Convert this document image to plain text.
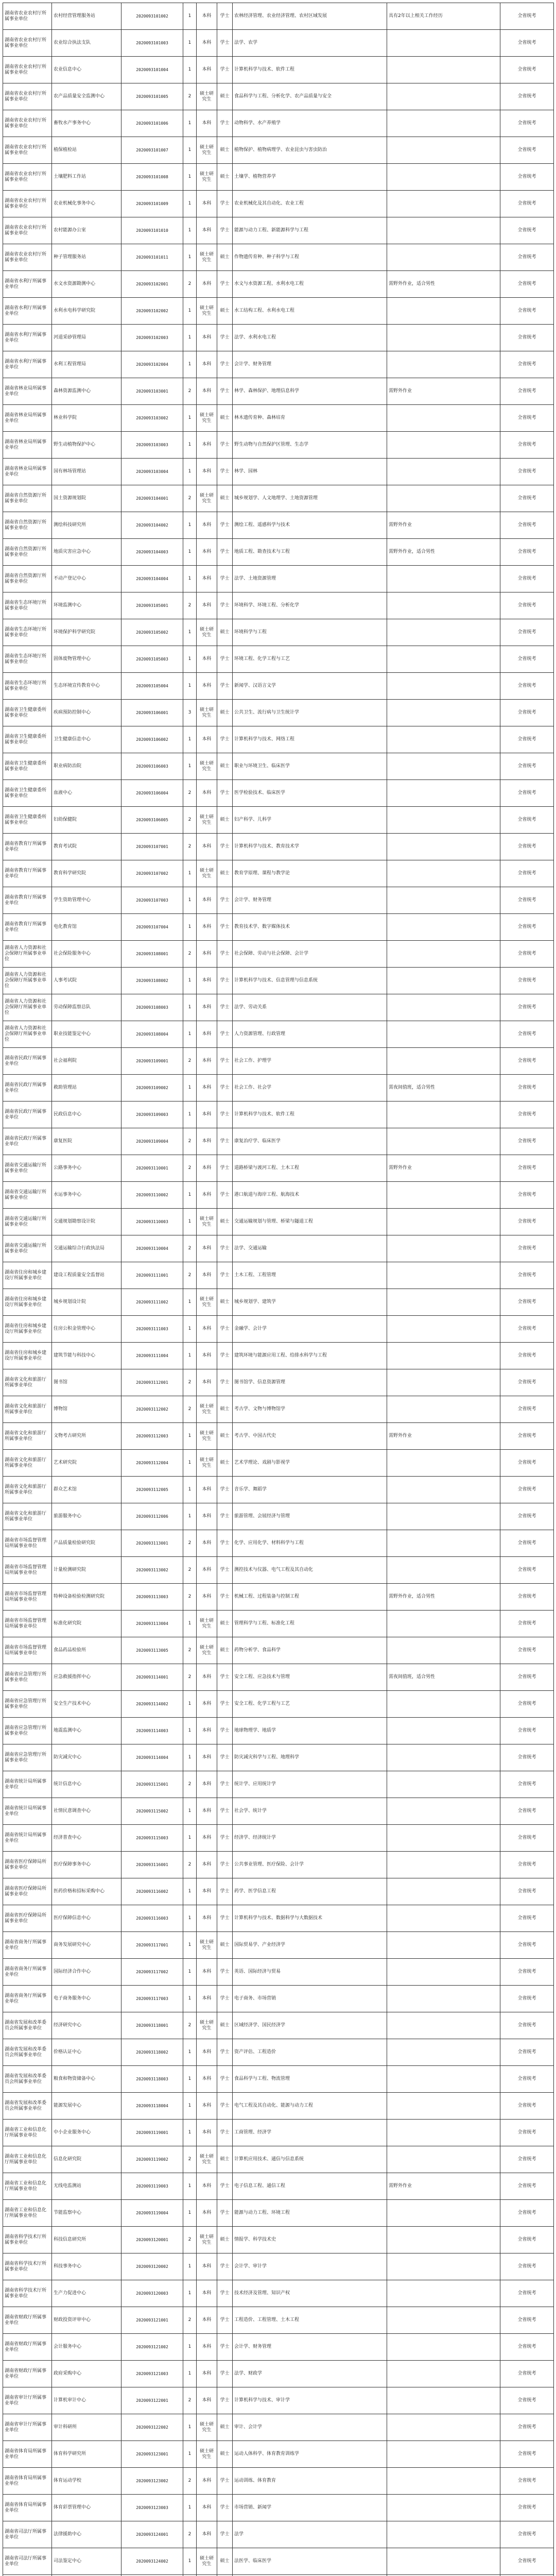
湖南省农业农村厅所属事业单位	农村经营管理服务站	2020093101002	1	本科	学士	农林经济管理、农业经济管理、农村区域发展	具有2年以上相关工作经历	全省统考
湖南省农业农村厅所属事业单位	农业综合执法支队	2020093101003	1	本科	学士	法学、农学		全省统考
湖南省农业农村厅所属事业单位	农业信息中心	2020093101004	1	本科	学士	计算机科学与技术、软件工程		全省统考
湖南省农业农村厅所属事业单位	农产品质量安全监测中心	2020093101005	2	硕士研究生	硕士	食品科学与工程、分析化学、农产品质量与安全		全省统考
湖南省农业农村厅所属事业单位	畜牧水产事务中心	2020093101006	1	本科	学士	动物科学、水产养殖学		全省统考
湖南省农业农村厅所属事业单位	植保植检站	2020093101007	1	硕士研究生	硕士	植物保护、植物病理学、农业昆虫与害虫防治		全省统考
湖南省农业农村厅所属事业单位	土壤肥料工作站	2020093101008	1	硕士研究生	硕士	土壤学、植物营养学		全省统考
湖南省农业农村厅所属事业单位	农业机械化事务中心	2020093101009	1	本科	学士	农业机械化及其自动化、农业工程		全省统考
湖南省农业农村厅所属事业单位	农村能源办公室	2020093101010	1	本科	学士	能源与动力工程、新能源科学与工程		全省统考
湖南省农业农村厅所属事业单位	种子管理服务站	2020093101011	1	硕士研究生	硕士	作物遗传育种、种子科学与工程		全省统考
湖南省水利厅所属事业单位	水文水资源勘测中心	2020093102001	2	本科	学士	水文与水资源工程、水利水电工程	需野外作业，适合男性	全省统考
湖南省水利厅所属事业单位	水利水电科学研究院	2020093102002	1	硕士研究生	硕士	水工结构工程、水利水电工程		全省统考
湖南省水利厅所属事业单位	河道采砂管理局	2020093102003	1	本科	学士	法学、水利水电工程		全省统考
湖南省水利厅所属事业单位	水利工程管理局	2020093102004	1	本科	学士	会计学、财务管理		全省统考
湖南省林业局所属事业单位	森林资源监测中心	2020093103001	2	本科	学士	林学、森林保护、地理信息科学	需野外作业	全省统考
湖南省林业局所属事业单位	林业科学院	2020093103002	1	硕士研究生	硕士	林木遗传育种、森林培育		全省统考
湖南省林业局所属事业单位	野生动植物保护中心	2020093103003	1	本科	学士	野生动物与自然保护区管理、生态学		全省统考
湖南省林业局所属事业单位	国有林场管理站	2020093103004	1	本科	学士	林学、园林		全省统考
湖南省自然资源厅所属事业单位	国土资源规划院	2020093104001	2	硕士研究生	硕士	城乡规划学、人文地理学、土地资源管理		全省统考
湖南省自然资源厅所属事业单位	测绘科技研究所	2020093104002	1	本科	学士	测绘工程、遥感科学与技术	需野外作业	全省统考
湖南省自然资源厅所属事业单位	地质灾害应急中心	2020093104003	1	本科	学士	地质工程、勘查技术与工程	需野外作业，适合男性	全省统考
湖南省自然资源厅所属事业单位	不动产登记中心	2020093104004	1	本科	学士	法学、土地资源管理		全省统考
湖南省生态环境厅所属事业单位	环境监测中心	2020093105001	2	本科	学士	环境科学、环境工程、分析化学		全省统考
湖南省生态环境厅所属事业单位	环境保护科学研究院	2020093105002	1	硕士研究生	硕士	环境科学与工程		全省统考
湖南省生态环境厅所属事业单位	固体废物管理中心	2020093105003	1	本科	学士	环境工程、化学工程与工艺		全省统考
湖南省生态环境厅所属事业单位	生态环境宣传教育中心	2020093105004	1	本科	学士	新闻学、汉语言文学		全省统考
湖南省卫生健康委所属事业单位	疾病预防控制中心	2020093106001	3	硕士研究生	硕士	公共卫生、流行病与卫生统计学		全省统考
湖南省卫生健康委所属事业单位	卫生健康信息中心	2020093106002	1	本科	学士	计算机科学与技术、网络工程		全省统考
湖南省卫生健康委所属事业单位	职业病防治院	2020093106003	1	硕士研究生	硕士	职业与环境卫生、临床医学		全省统考
湖南省卫生健康委所属事业单位	血液中心	2020093106004	2	本科	学士	医学检验技术、临床医学		全省统考
湖南省卫生健康委所属事业单位	妇幼保健院	2020093106005	2	硕士研究生	硕士	妇产科学、儿科学		全省统考
湖南省教育厅所属事业单位	教育考试院	2020093107001	2	本科	学士	计算机科学与技术、教育技术学		全省统考
湖南省教育厅所属事业单位	教育科学研究院	2020093107002	1	硕士研究生	硕士	教育学原理、课程与教学论		全省统考
湖南省教育厅所属事业单位	学生资助管理中心	2020093107003	1	本科	学士	会计学、财务管理		全省统考
湖南省教育厅所属事业单位	电化教育馆	2020093107004	1	本科	学士	教育技术学、数字媒体技术		全省统考
湖南省人力资源和社会保障厅所属事业单位	社会保险服务中心	2020093108001	2	本科	学士	社会保障、劳动与社会保障、会计学		全省统考
湖南省人力资源和社会保障厅所属事业单位	人事考试院	2020093108002	1	本科	学士	计算机科学与技术、信息管理与信息系统		全省统考
湖南省人力资源和社会保障厅所属事业单位	劳动保障监察总队	2020093108003	1	本科	学士	法学、劳动关系		全省统考
湖南省人力资源和社会保障厅所属事业单位	职业技能鉴定中心	2020093108004	1	本科	学士	人力资源管理、行政管理		全省统考
湖南省民政厅所属事业单位	社会福利院	2020093109001	2	本科	学士	社会工作、护理学		全省统考
湖南省民政厅所属事业单位	救助管理站	2020093109002	1	本科	学士	社会工作、社会学	需夜间值班，适合男性	全省统考
湖南省民政厅所属事业单位	民政信息中心	2020093109003	1	本科	学士	计算机科学与技术、软件工程		全省统考
湖南省民政厅所属事业单位	康复医院	2020093109004	2	本科	学士	康复治疗学、临床医学		全省统考
湖南省交通运输厅所属事业单位	公路事务中心	2020093110001	2	本科	学士	道路桥梁与渡河工程、土木工程	需野外作业	全省统考
湖南省交通运输厅所属事业单位	水运事务中心	2020093110002	1	本科	学士	港口航道与海岸工程、航海技术		全省统考
湖南省交通运输厅所属事业单位	交通规划勘察设计院	2020093110003	1	硕士研究生	硕士	交通运输规划与管理、桥梁与隧道工程		全省统考
湖南省交通运输厅所属事业单位	交通运输综合行政执法局	2020093110004	2	本科	学士	法学、交通运输		全省统考
湖南省住房和城乡建设厅所属事业单位	建设工程质量安全监督站	2020093111001	2	本科	学士	土木工程、工程管理		全省统考
湖南省住房和城乡建设厅所属事业单位	城乡规划设计院	2020093111002	1	硕士研究生	硕士	城乡规划学、建筑学		全省统考
湖南省住房和城乡建设厅所属事业单位	住房公积金管理中心	2020093111003	1	本科	学士	金融学、会计学		全省统考
湖南省住房和城乡建设厅所属事业单位	建筑节能与科技中心	2020093111004	1	本科	学士	建筑环境与能源应用工程、给排水科学与工程		全省统考
湖南省文化和旅游厅所属事业单位	图书馆	2020093112001	2	本科	学士	图书馆学、信息资源管理		全省统考
湖南省文化和旅游厅所属事业单位	博物馆	2020093112002	2	硕士研究生	硕士	考古学、文物与博物馆学		全省统考
湖南省文化和旅游厅所属事业单位	文物考古研究所	2020093112003	1	硕士研究生	硕士	考古学、中国古代史	需野外作业	全省统考
湖南省文化和旅游厅所属事业单位	艺术研究院	2020093112004	1	硕士研究生	硕士	艺术学理论、戏剧与影视学		全省统考
湖南省文化和旅游厅所属事业单位	群众艺术馆	2020093112005	1	本科	学士	音乐学、舞蹈学		全省统考
湖南省文化和旅游厅所属事业单位	旅游服务中心	2020093112006	1	本科	学士	旅游管理、会展经济与管理		全省统考
湖南省市场监督管理局所属事业单位	产品质量检验研究院	2020093113001	2	本科	学士	化学、应用化学、材料科学与工程		全省统考
湖南省市场监督管理局所属事业单位	计量检测研究院	2020093113002	2	本科	学士	测控技术与仪器、电气工程及其自动化		全省统考
湖南省市场监督管理局所属事业单位	特种设备检验检测研究院	2020093113003	2	本科	学士	机械工程、过程装备与控制工程	需野外作业，适合男性	全省统考
湖南省市场监督管理局所属事业单位	标准化研究院	2020093113004	1	硕士研究生	硕士	管理科学与工程、标准化工程		全省统考
湖南省市场监督管理局所属事业单位	食品药品检验所	2020093113005	2	硕士研究生	硕士	药物分析学、食品科学		全省统考
湖南省应急管理厅所属事业单位	应急救援指挥中心	2020093114001	2	本科	学士	安全工程、应急技术与管理	需夜间值班，适合男性	全省统考
湖南省应急管理厅所属事业单位	安全生产技术中心	2020093114002	1	本科	学士	安全工程、化学工程与工艺		全省统考
湖南省应急管理厅所属事业单位	地震监测中心	2020093114003	1	本科	学士	地球物理学、地质学		全省统考
湖南省应急管理厅所属事业单位	防灾减灾中心	2020093114004	1	本科	学士	防灾减灾科学与工程、地理科学		全省统考
湖南省统计局所属事业单位	统计信息中心	2020093115001	2	本科	学士	统计学、应用统计学		全省统考
湖南省统计局所属事业单位	社情民意调查中心	2020093115002	1	本科	学士	社会学、统计学		全省统考
湖南省统计局所属事业单位	经济普查中心	2020093115003	1	本科	学士	经济学、经济统计学		全省统考
湖南省医疗保障局所属事业单位	医疗保障事务中心	2020093116001	2	本科	学士	公共事业管理、医疗保险、会计学		全省统考
湖南省医疗保障局所属事业单位	医药价格和招标采购中心	2020093116002	1	本科	学士	药学、医学信息工程		全省统考
湖南省医疗保障局所属事业单位	医疗保障信息中心	2020093116003	1	本科	学士	计算机科学与技术、数据科学与大数据技术		全省统考
湖南省商务厅所属事业单位	商务发展研究中心	2020093117001	1	硕士研究生	硕士	国际贸易学、产业经济学		全省统考
湖南省商务厅所属事业单位	国际经济合作中心	2020093117002	1	本科	学士	英语、国际经济与贸易		全省统考
湖南省商务厅所属事业单位	电子商务服务中心	2020093117003	1	本科	学士	电子商务、市场营销		全省统考
湖南省发展和改革委员会所属事业单位	经济研究中心	2020093118001	2	硕士研究生	硕士	区域经济学、国民经济学		全省统考
湖南省发展和改革委员会所属事业单位	价格认证中心	2020093118002	1	本科	学士	资产评估、工程造价		全省统考
湖南省发展和改革委员会所属事业单位	粮食和物资储备中心	2020093118003	1	本科	学士	食品科学与工程、物流管理		全省统考
湖南省发展和改革委员会所属事业单位	能源发展中心	2020093118004	1	本科	学士	电气工程及其自动化、能源与动力工程		全省统考
湖南省工业和信息化厅所属事业单位	中小企业服务中心	2020093119001	1	本科	学士	工商管理、经济学		全省统考
湖南省工业和信息化厅所属事业单位	信息化研究院	2020093119002	2	硕士研究生	硕士	计算机应用技术、通信与信息系统		全省统考
湖南省工业和信息化厅所属事业单位	无线电监测站	2020093119003	1	本科	学士	电子信息工程、通信工程	需野外作业	全省统考
湖南省工业和信息化厅所属事业单位	节能监察中心	2020093119004	1	本科	学士	能源与动力工程、环境工程		全省统考
湖南省科学技术厅所属事业单位	科技信息研究所	2020093120001	2	硕士研究生	硕士	情报学、科学技术史		全省统考
湖南省科学技术厅所属事业单位	科技事务中心	2020093120002	1	本科	学士	会计学、审计学		全省统考
湖南省科学技术厅所属事业单位	生产力促进中心	2020093120003	1	本科	学士	技术经济及管理、知识产权		全省统考
湖南省财政厅所属事业单位	财政投资评审中心	2020093121001	2	本科	学士	工程造价、工程管理、土木工程		全省统考
湖南省财政厅所属事业单位	会计服务中心	2020093121002	1	本科	学士	会计学、财务管理		全省统考
湖南省财政厅所属事业单位	政府采购中心	2020093121003	1	本科	学士	法学、财政学		全省统考
湖南省审计厅所属事业单位	计算机审计中心	2020093122001	2	本科	学士	计算机科学与技术、审计学		全省统考
湖南省审计厅所属事业单位	审计科研所	2020093122002	1	硕士研究生	硕士	审计、会计学		全省统考
湖南省体育局所属事业单位	体育科学研究所	2020093123001	1	硕士研究生	硕士	运动人体科学、体育教育训练学		全省统考
湖南省体育局所属事业单位	体育运动学校	2020093123002	2	本科	学士	运动训练、体育教育		全省统考
湖南省体育局所属事业单位	体育彩票管理中心	2020093123003	1	本科	学士	市场营销、新闻学		全省统考
湖南省司法厅所属事业单位	法律援助中心	2020093124001	2	本科	学士	法学		全省统考
湖南省司法厅所属事业单位	司法鉴定中心	2020093124002	1	硕士研究生	硕士	法医学、临床医学		全省统考
